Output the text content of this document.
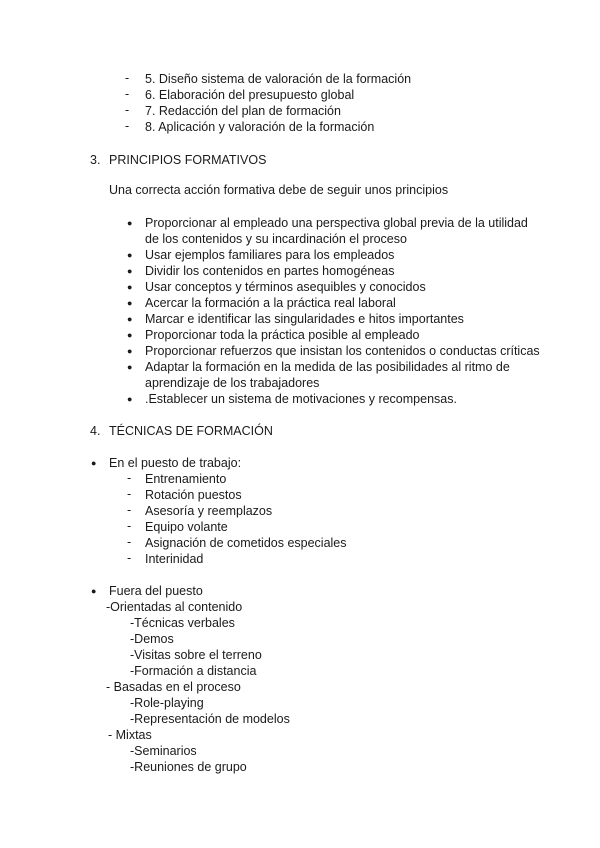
-	5. Diseño sistema de valoración de la formación
-	6. Elaboración del presupuesto global
-	7. Redacción del plan de formación
-	8. Aplicación y valoración de la formación
3. PRINCIPIOS FORMATIVOS
Una correcta acción formativa debe de seguir unos principios
● Proporcionar al empleado una perspectiva global previa de la utilidad
de los contenidos y su incardinación el proceso
● Usar ejemplos familiares para los empleados
● Dividir los contenidos en partes homogéneas
● Usar conceptos y términos asequibles y conocidos
● Acercar la formación a la práctica real laboral
● Marcar e identificar las singularidades e hitos importantes
● Proporcionar toda la práctica posible al empleado
● Proporcionar refuerzos que insistan los contenidos o conductas críticas
● Adaptar la formación en la medida de las posibilidades al ritmo de
aprendizaje de los trabajadores
● .Establecer un sistema de motivaciones y recompensas.
4. TÉCNICAS DE FORMACIÓN
● En el puesto de trabajo:
-	Entrenamiento
-	Rotación puestos
-	Asesoría y reemplazos
-	Equipo volante
-	Asignación de cometidos especiales
-	Interinidad
● Fuera del puesto
-Orientadas al contenido
-Técnicas verbales
-Demos
-Visitas sobre el terreno
-Formación a distancia
- Basadas en el proceso
-Role-playing
-Representación de modelos
- Mixtas
-Seminarios
-Reuniones de grupo
